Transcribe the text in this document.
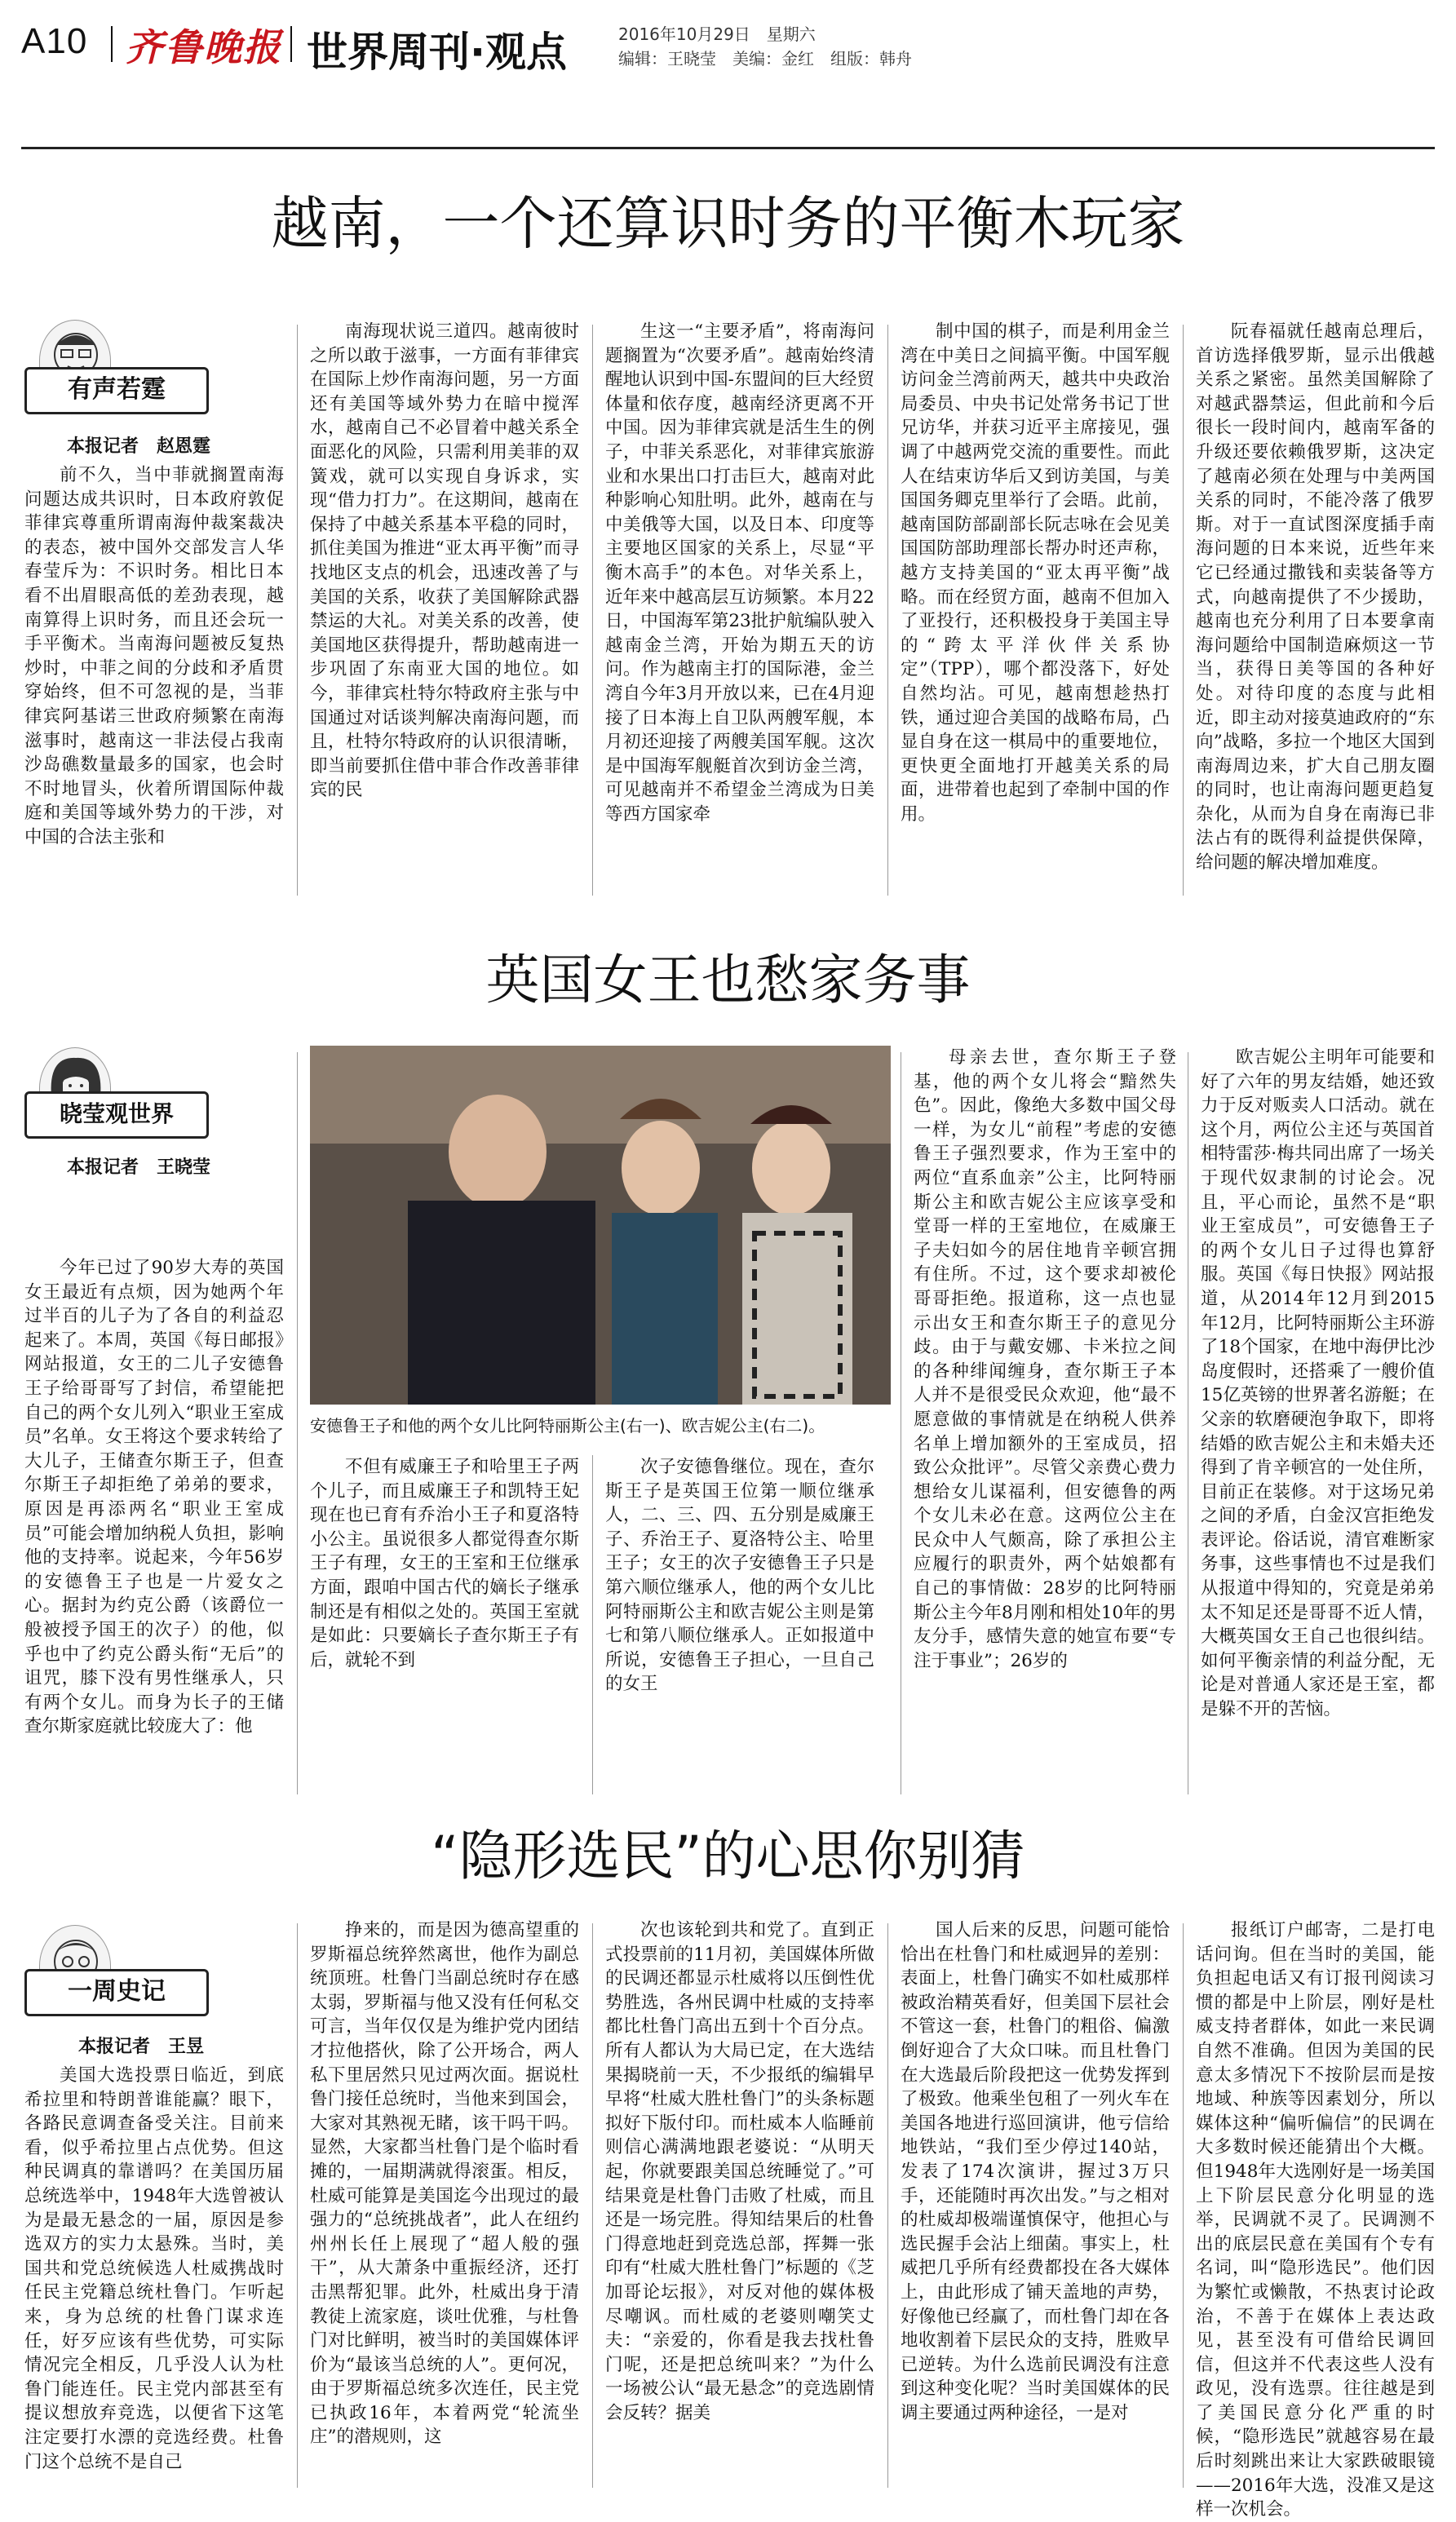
A10 齐鲁晚报 世界周刊·观点	2016年10月29日　星期六
编辑：王晓莹　美编：金红　组版：韩舟
越南，一个还算识时务的平衡木玩家
有声若霆
本报记者　赵恩霆
前不久，当中菲就搁置南海问题达成共识时，日本政府敦促菲律宾尊重所谓南海仲裁案裁决的表态，被中国外交部发言人华春莹斥为：不识时务。相比日本看不出眉眼高低的差劲表现，越南算得上识时务，而且还会玩一手平衡术。当南海问题被反复热炒时，中菲之间的分歧和矛盾贯穿始终，但不可忽视的是，当菲律宾阿基诺三世政府频繁在南海滋事时，越南这一非法侵占我南沙岛礁数量最多的国家，也会时不时地冒头，伙着所谓国际仲裁庭和美国等域外势力的干涉，对中国的合法主张和
南海现状说三道四。越南彼时之所以敢于滋事，一方面有菲律宾在国际上炒作南海问题，另一方面还有美国等域外势力在暗中搅浑水，越南自己不必冒着中越关系全面恶化的风险，只需利用美菲的双簧戏，就可以实现自身诉求，实现“借力打力”。在这期间，越南在保持了中越关系基本平稳的同时，抓住美国为推进“亚太再平衡”而寻找地区支点的机会，迅速改善了与美国的关系，收获了美国解除武器禁运的大礼。对美关系的改善，使美国地区获得提升，帮助越南进一步巩固了东南亚大国的地位。如今，菲律宾杜特尔特政府主张与中国通过对话谈判解决南海问题，而且，杜特尔特政府的认识很清晰，即当前要抓住借中菲合作改善菲律宾的民
生这一“主要矛盾”，将南海问题搁置为“次要矛盾”。越南始终清醒地认识到中国-东盟间的巨大经贸体量和依存度，越南经济更离不开中国。因为菲律宾就是活生生的例子，中菲关系恶化，对菲律宾旅游业和水果出口打击巨大，越南对此种影响心知肚明。此外，越南在与中美俄等大国，以及日本、印度等主要地区国家的关系上，尽显“平衡木高手”的本色。对华关系上，近年来中越高层互访频繁。本月22日，中国海军第23批护航编队驶入越南金兰湾，开始为期五天的访问。作为越南主打的国际港，金兰湾自今年3月开放以来，已在4月迎接了日本海上自卫队两艘军舰，本月初还迎接了两艘美国军舰。这次是中国海军舰艇首次到访金兰湾，可见越南并不希望金兰湾成为日美等西方国家牵
制中国的棋子，而是利用金兰湾在中美日之间搞平衡。中国军舰访问金兰湾前两天，越共中央政治局委员、中央书记处常务书记丁世兄访华，并获习近平主席接见，强调了中越两党交流的重要性。而此人在结束访华后又到访美国，与美国国务卿克里举行了会晤。此前，越南国防部副部长阮志咏在会见美国国防部助理部长帮办时还声称，越方支持美国的“亚太再平衡”战略。而在经贸方面，越南不但加入了亚投行，还积极投身于美国主导的“跨太平洋伙伴关系协定”（TPP），哪个都没落下，好处自然均沾。可见，越南想趁热打铁，通过迎合美国的战略布局，凸显自身在这一棋局中的重要地位，更快更全面地打开越美关系的局面，进带着也起到了牵制中国的作用。
阮春福就任越南总理后，首访选择俄罗斯，显示出俄越关系之紧密。虽然美国解除了对越武器禁运，但此前和今后很长一段时间内，越南军备的升级还要依赖俄罗斯，这决定了越南必须在处理与中美两国关系的同时，不能冷落了俄罗斯。对于一直试图深度插手南海问题的日本来说，近些年来它已经通过撒钱和卖装备等方式，向越南提供了不少援助，越南也充分利用了日本要拿南海问题给中国制造麻烦这一节当，获得日美等国的各种好处。对待印度的态度与此相近，即主动对接莫迪政府的“东向”战略，多拉一个地区大国到南海周边来，扩大自己朋友圈的同时，也让南海问题更趋复杂化，从而为自身在南海已非法占有的既得利益提供保障，给问题的解决增加难度。
英国女王也愁家务事
晓莹观世界
本报记者　王晓莹
今年已过了90岁大寿的英国女王最近有点烦，因为她两个年过半百的儿子为了各自的利益忍起来了。本周，英国《每日邮报》网站报道，女王的二儿子安德鲁王子给哥哥写了封信，希望能把自己的两个女儿列入“职业王室成员”名单。女王将这个要求转给了大儿子，王储查尔斯王子，但查尔斯王子却拒绝了弟弟的要求，原因是再添两名“职业王室成员”可能会增加纳税人负担，影响他的支持率。说起来，今年56岁的安德鲁王子也是一片爱女之心。据封为约克公爵（该爵位一般被授予国王的次子）的他，似乎也中了约克公爵头衔“无后”的诅咒，膝下没有男性继承人，只有两个女儿。而身为长子的王储查尔斯家庭就比较庞大了：他
安德鲁王子和他的两个女儿比阿特丽斯公主(右一)、欧吉妮公主(右二)。
不但有威廉王子和哈里王子两个儿子，而且威廉王子和凯特王妃现在也已育有乔治小王子和夏洛特小公主。虽说很多人都觉得查尔斯王子有理，女王的王室和王位继承方面，跟咱中国古代的嫡长子继承制还是有相似之处的。英国王室就是如此：只要嫡长子查尔斯王子有后，就轮不到
次子安德鲁继位。现在，查尔斯王子是英国王位第一顺位继承人，二、三、四、五分别是威廉王子、乔治王子、夏洛特公主、哈里王子；女王的次子安德鲁王子只是第六顺位继承人，他的两个女儿比阿特丽斯公主和欧吉妮公主则是第七和第八顺位继承人。正如报道中所说，安德鲁王子担心，一旦自己的女王
母亲去世，查尔斯王子登基，他的两个女儿将会“黯然失色”。因此，像绝大多数中国父母一样，为女儿“前程”考虑的安德鲁王子强烈要求，作为王室中的两位“直系血亲”公主，比阿特丽斯公主和欧吉妮公主应该享受和堂哥一样的王室地位，在威廉王子夫妇如今的居住地肯辛顿宫拥有住所。不过，这个要求却被伦哥哥拒绝。报道称，这一点也显示出女王和查尔斯王子的意见分歧。由于与戴安娜、卡米拉之间的各种绯闻缠身，查尔斯王子本人并不是很受民众欢迎，他“最不愿意做的事情就是在纳税人供养名单上增加额外的王室成员，招致公众批评”。尽管父亲费心费力想给女儿谋福利，但安德鲁的两个女儿未必在意。这两位公主在民众中人气颇高，除了承担公主应履行的职责外，两个姑娘都有自己的事情做：28岁的比阿特丽斯公主今年8月刚和相处10年的男友分手，感情失意的她宣布要“专注于事业”；26岁的
欧吉妮公主明年可能要和好了六年的男友结婚，她还致力于反对贩卖人口活动。就在这个月，两位公主还与英国首相特雷莎·梅共同出席了一场关于现代奴隶制的讨论会。况且，平心而论，虽然不是“职业王室成员”，可安德鲁王子的两个女儿日子过得也算舒服。英国《每日快报》网站报道，从2014年12月到2015年12月，比阿特丽斯公主环游了18个国家，在地中海伊比沙岛度假时，还搭乘了一艘价值15亿英镑的世界著名游艇；在父亲的软磨硬泡争取下，即将结婚的欧吉妮公主和未婚夫还得到了肯辛顿宫的一处住所，目前正在装修。对于这场兄弟之间的矛盾，白金汉宫拒绝发表评论。俗话说，清官难断家务事，这些事情也不过是我们从报道中得知的，究竟是弟弟太不知足还是哥哥不近人情，大概英国女王自己也很纠结。如何平衡亲情的利益分配，无论是对普通人家还是王室，都是躲不开的苦恼。
“隐形选民”的心思你别猜
一周史记
本报记者　王昱
美国大选投票日临近，到底希拉里和特朗普谁能赢？眼下，各路民意调查备受关注。目前来看，似乎希拉里占点优势。但这种民调真的靠谱吗？在美国历届总统选举中，1948年大选曾被认为是最无悬念的一届，原因是参选双方的实力太悬殊。当时，美国共和党总统候选人杜威携战时任民主党籍总统杜鲁门。乍听起来，身为总统的杜鲁门谋求连任，好歹应该有些优势，可实际情况完全相反，几乎没人认为杜鲁门能连任。民主党内部甚至有提议想放弃竞选，以便省下这笔注定要打水漂的竞选经费。杜鲁门这个总统不是自己
挣来的，而是因为德高望重的罗斯福总统猝然离世，他作为副总统顶班。杜鲁门当副总统时存在感太弱，罗斯福与他又没有任何私交可言，当年仅仅是为维护党内团结才拉他搭伙，除了公开场合，两人私下里居然只见过两次面。据说杜鲁门接任总统时，当他来到国会，大家对其熟视无睹，该干吗干吗。显然，大家都当杜鲁门是个临时看摊的，一届期满就得滚蛋。相反，杜威可能算是美国迄今出现过的最强力的“总统挑战者”，此人在纽约州州长任上展现了“超人般的强干”，从大萧条中重振经济，还打击黑帮犯罪。此外，杜威出身于清教徒上流家庭，谈吐优雅，与杜鲁门对比鲜明，被当时的美国媒体评价为“最该当总统的人”。更何况，由于罗斯福总统多次连任，民主党已执政16年，本着两党“轮流坐庄”的潜规则，这
次也该轮到共和党了。直到正式投票前的11月初，美国媒体所做的民调还都显示杜威将以压倒性优势胜选，各州民调中杜威的支持率都比杜鲁门高出五到十个百分点。所有人都认为大局已定，在大选结果揭晓前一天，不少报纸的编辑早早将“杜威大胜杜鲁门”的头条标题拟好下版付印。而杜威本人临睡前则信心满满地跟老婆说：“从明天起，你就要跟美国总统睡觉了。”可结果竟是杜鲁门击败了杜威，而且还是一场完胜。得知结果后的杜鲁门得意地赶到竞选总部，挥舞一张印有“杜威大胜杜鲁门”标题的《芝加哥论坛报》，对反对他的媒体极尽嘲讽。而杜威的老婆则嘲笑丈夫：“亲爱的，你看是我去找杜鲁门呢，还是把总统叫来？”为什么一场被公认“最无悬念”的竞选剧情会反转？据美
国人后来的反思，问题可能恰恰出在杜鲁门和杜威迥异的差别：表面上，杜鲁门确实不如杜威那样被政治精英看好，但美国下层社会不管这一套，杜鲁门的粗俗、偏激倒好迎合了大众口味。而且杜鲁门在大选最后阶段把这一优势发挥到了极致。他乘坐包租了一列火车在美国各地进行巡回演讲，他亏信给地铁站，“我们至少停过140站，发表了174次演讲，握过3万只手，还能随时再次出发。”与之相对的杜威却极端谨慎保守，他担心与选民握手会沾上细菌。事实上，杜威把几乎所有经费都投在各大媒体上，由此形成了铺天盖地的声势，好像他已经赢了，而杜鲁门却在各地收割着下层民众的支持，胜败早已逆转。为什么选前民调没有注意到这种变化呢？当时美国媒体的民调主要通过两种途径，一是对
报纸订户邮寄，二是打电话问询。但在当时的美国，能负担起电话又有订报刊阅读习惯的都是中上阶层，刚好是杜威支持者群体，如此一来民调自然不准确。但因为美国的民意太多情况下不按阶层而是按地域、种族等因素划分，所以媒体这种“偏听偏信”的民调在大多数时候还能猜出个大概。但1948年大选刚好是一场美国上下阶层民意分化明显的选举，民调就不灵了。民调测不出的底层民意在美国有个专有名词，叫“隐形选民”。他们因为繁忙或懒散，不热衷讨论政治，不善于在媒体上表达政见，甚至没有可借给民调回信，但这并不代表这些人没有政见，没有选票。往往越是到了美国民意分化严重的时候，“隐形选民”就越容易在最后时刻跳出来让大家跌破眼镜——2016年大选，没准又是这样一次机会。
